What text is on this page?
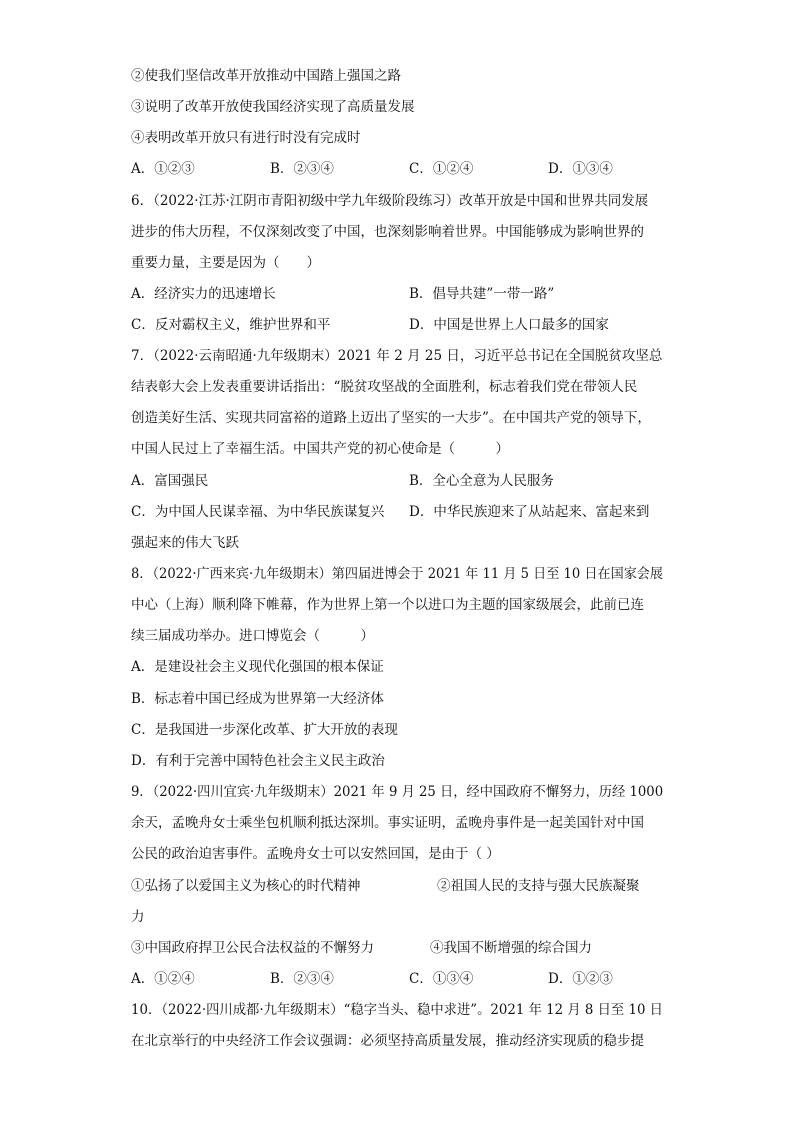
②使我们坚信改革开放推动中国踏上强国之路
③说明了改革开放使我国经济实现了高质量发展
④表明改革开放只有进行时没有完成时
A．①②③	B．②③④	C．①②④	D．①③④
6．（2022·江苏·江阴市青阳初级中学九年级阶段练习）改革开放是中国和世界共同发展
进步的伟大历程，不仅深刻改变了中国，也深刻影响着世界。中国能够成为影响世界的
重要力量，主要是因为（　　）
A．经济实力的迅速增长	B．倡导共建”一带一路”
C．反对霸权主义，维护世界和平	D．中国是世界上人口最多的国家
7．（2022·云南昭通·九年级期末）2021 年 2 月 25 日，习近平总书记在全国脱贫攻坚总
结表彰大会上发表重要讲话指出：“脱贫攻坚战的全面胜利，标志着我们党在带领人民
创造美好生活、实现共同富裕的道路上迈出了坚实的一大步”。在中国共产党的领导下，
中国人民过上了幸福生活。中国共产党的初心使命是（　　　）
A．富国强民	B．全心全意为人民服务
C．为中国人民谋幸福、为中华民族谋复兴 D．中华民族迎来了从站起来、富起来到
强起来的伟大飞跃
8．（2022·广西来宾·九年级期末）第四届进博会于 2021 年 11 月 5 日至 10 日在国家会展
中心（上海）顺利降下帷幕，作为世界上第一个以进口为主题的国家级展会，此前已连
续三届成功举办。进口博览会（　　　）
A．是建设社会主义现代化强国的根本保证
B．标志着中国已经成为世界第一大经济体
C．是我国进一步深化改革、扩大开放的表现
D．有利于完善中国特色社会主义民主政治
9．（2022·四川宜宾·九年级期末）2021 年 9 月 25 日，经中国政府不懈努力，历经 1000
余天，孟晚舟女士乘坐包机顺利抵达深圳。事实证明，孟晚舟事件是一起美国针对中国
公民的政治迫害事件。孟晚舟女士可以安然回国，是由于（ ）
①弘扬了以爱国主义为核心的时代精神	②祖国人民的支持与强大民族凝聚
力
③中国政府捍卫公民合法权益的不懈努力	④我国不断增强的综合国力
A．①②④	B．②③④	C．①③④	D．①②③
10．（2022·四川成都·九年级期末）“稳字当头、稳中求进”。2021 年 12 月 8 日至 10 日
在北京举行的中央经济工作会议强调：必须坚持高质量发展，推动经济实现质的稳步提
